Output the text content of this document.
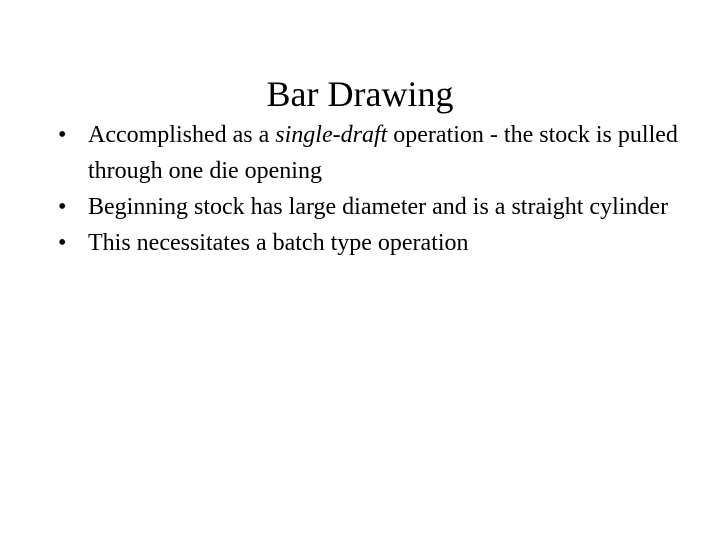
Bar Drawing
• Accomplished as a single‑draft operation ‑ the stock is pulled through one die opening
• Beginning stock has large diameter and is a straight cylinder
• This necessitates a batch type operation
